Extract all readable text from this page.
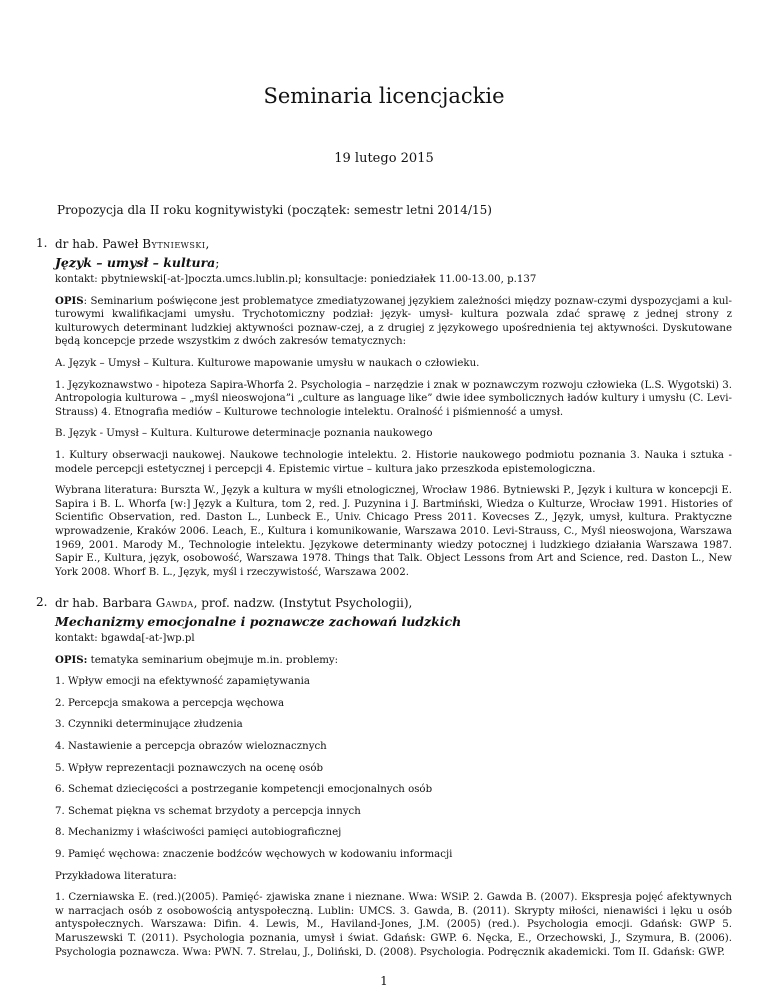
Seminaria licencjackie
19 lutego 2015
Propozycja dla II roku kognitywistyki (początek: semestr letni 2014/15)
1. dr hab. Paweł Bytniewski,
Język – umysł – kultura;

kontakt: pbytniewski[-at-]poczta.umcs.lublin.pl; konsultacje: poniedziałek 11.00-13.00, p.137

OPIS: Seminarium poświęcone jest problematyce zmediatyzowanej językiem zależności między poznaw-czymi dyspozycjami a kul-turowymi kwalifikacjami umysłu. Trychotomiczny podział: język- umysł- kultura pozwala zdać sprawę z jednej strony z kulturowych determinant ludzkiej aktywności poznaw-czej, a z drugiej z językowego upośrednienia tej aktywności. Dyskutowane będą koncepcje przede wszystkim z dwóch zakresów tematycznych:

A. Język – Umysł – Kultura. Kulturowe mapowanie umysłu w naukach o człowieku.

1. Językoznawstwo - hipoteza Sapira-Whorfa 2. Psychologia – narzędzie i znak w poznawczym rozwoju człowieka (L.S. Wygotski) 3. Antropologia kulturowa – „myśl nieoswojona”i „culture as language like” dwie idee symbolicznych ładów kultury i umysłu (C. Levi-Strauss) 4. Etnografia mediów – Kulturowe technologie intelektu. Oralność i piśmienność a umysł.

B. Język - Umysł – Kultura. Kulturowe determinacje poznania naukowego

1. Kultury obserwacji naukowej. Naukowe technologie intelektu. 2. Historie naukowego podmiotu poznania 3. Nauka i sztuka - modele percepcji estetycznej i percepcji 4. Epistemic virtue – kultura jako przeszkoda epistemologiczna.

Wybrana literatura: Burszta W., Język a kultura w myśli etnologicznej, Wrocław 1986. Bytniewski P., Język i kultura w koncepcji E. Sapira i B. L. Whorfa [w:] Język a Kultura, tom 2, red. J. Puzynina i J. Bartmiński, Wiedza o Kulturze, Wrocław 1991. Histories of Scientific Observation, red. Daston L., Lunbeck E., Univ. Chicago Press 2011. Kovecses Z., Język, umysł, kultura. Praktyczne wprowadzenie, Kraków 2006. Leach, E., Kultura i komunikowanie, Warszawa 2010. Levi-Strauss, C., Myśl nieoswojona, Warszawa 1969, 2001. Marody M., Technologie intelektu. Językowe determinanty wiedzy potocznej i ludzkiego działania Warszawa 1987. Sapir E., Kultura, język, osobowość, Warszawa 1978. Things that Talk. Object Lessons from Art and Science, red. Daston L., New York 2008. Whorf B. L., Język, myśl i rzeczywistość, Warszawa 2002.

2. dr hab. Barbara Gawda, prof. nadzw. (Instytut Psychologii),
Mechanizmy emocjonalne i poznawcze zachowań ludzkich

kontakt: bgawda[-at-]wp.pl

OPIS: tematyka seminarium obejmuje m.in. problemy:

1. Wpływ emocji na efektywność zapamiętywania

2. Percepcja smakowa a percepcja węchowa

3. Czynniki determinujące złudzenia

4. Nastawienie a percepcja obrazów wieloznacznych

5. Wpływ reprezentacji poznawczych na ocenę osób

6. Schemat dziecięcości a postrzeganie kompetencji emocjonalnych osób

7. Schemat piękna vs schemat brzydoty a percepcja innych

8. Mechanizmy i właściwości pamięci autobiograficznej

9. Pamięć węchowa: znaczenie bodźców węchowych w kodowaniu informacji

Przykładowa literatura:

1. Czerniawska E. (red.)(2005). Pamięć- zjawiska znane i nieznane. Wwa: WSiP. 2. Gawda B. (2007). Ekspresja pojęć afektywnych w narracjach osób z osobowością antyspołeczną. Lublin: UMCS. 3. Gawda, B. (2011). Skrypty miłości, nienawiści i lęku u osób antyspołecznych. Warszawa: Difin. 4. Lewis, M., Haviland-Jones, J.M. (2005) (red.). Psychologia emocji. Gdańsk: GWP 5. Maruszewski T. (2011). Psychologia poznania, umysł i świat. Gdańsk: GWP. 6. Nęcka, E., Orzechowski, J., Szymura, B. (2006). Psychologia poznawcza. Wwa: PWN. 7. Strelau, J., Doliński, D. (2008). Psychologia. Podręcznik akademicki. Tom II. Gdańsk: GWP.

1
